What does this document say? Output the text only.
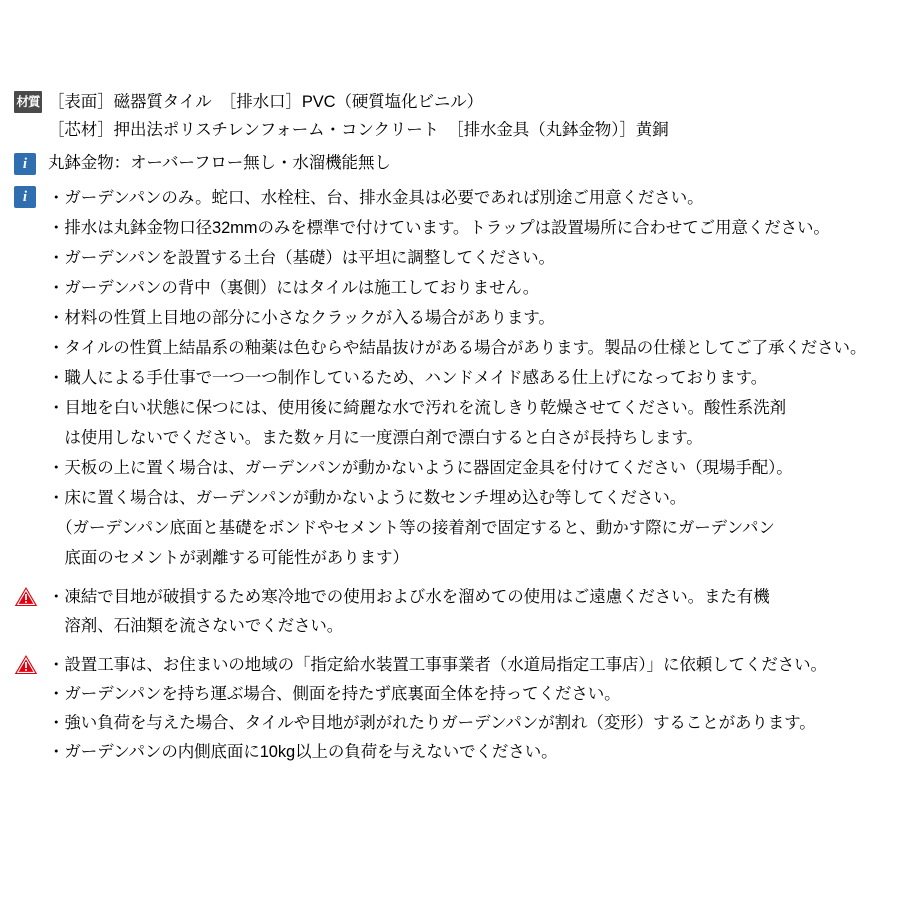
材質 ［表面］磁器質タイル　［排水口］PVC（硬質塩化ビニル）
［芯材］押出法ポリスチレンフォーム・コンクリート　［排水金具（丸鉢金物）］黄銅
i	丸鉢金物：オーバーフロー無し・水溜機能無し
i	・ガーデンパンのみ。蛇口、水栓柱、台、排水金具は必要であれば別途ご用意ください。
・排水は丸鉢金物口径32mmのみを標準で付けています。トラップは設置場所に合わせてご用意ください。
・ガーデンパンを設置する土台（基礎）は平坦に調整してください。
・ガーデンパンの背中（裏側）にはタイルは施工しておりません。
・材料の性質上目地の部分に小さなクラックが入る場合があります。
・タイルの性質上結晶系の釉薬は色むらや結晶抜けがある場合があります。製品の仕様としてご了承ください。
・職人による手仕事で一つ一つ制作しているため、ハンドメイド感ある仕上げになっております。
・目地を白い状態に保つには、使用後に綺麗な水で汚れを流しきり乾燥させてください。酸性系洗剤
　は使用しないでください。また数ヶ月に一度漂白剤で漂白すると白さが長持ちします。
・天板の上に置く場合は、ガーデンパンが動かないように器固定金具を付けてください（現場手配）。
・床に置く場合は、ガーデンパンが動かないように数センチ埋め込む等してください。
　（ガーデンパン底面と基礎をボンドやセメント等の接着剤で固定すると、動かす際にガーデンパン
　底面のセメントが剥離する可能性があります）
・凍結で目地が破損するため寒冷地での使用および水を溜めての使用はご遠慮ください。また有機
　溶剤、石油類を流さないでください。
・設置工事は、お住まいの地域の「指定給水装置工事事業者（水道局指定工事店）」に依頼してください。
・ガーデンパンを持ち運ぶ場合、側面を持たず底裏面全体を持ってください。
・強い負荷を与えた場合、タイルや目地が剥がれたりガーデンパンが割れ（変形）することがあります。
・ガーデンパンの内側底面に10kg以上の負荷を与えないでください。
